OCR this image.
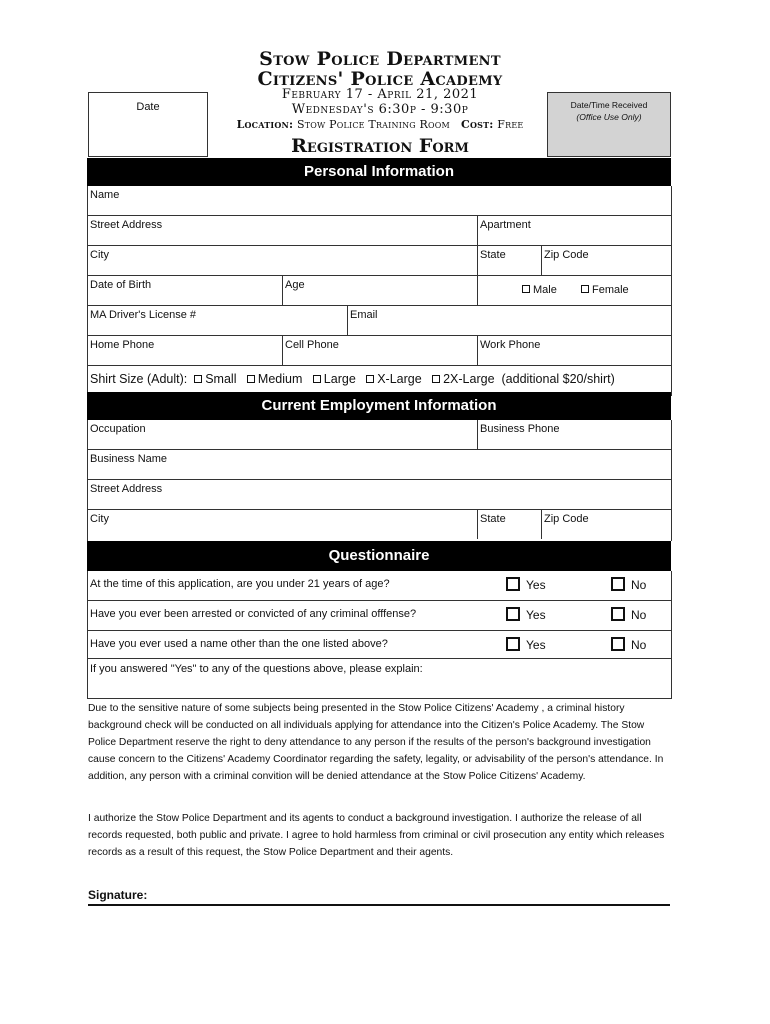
Stow Police Department
Citizens' Police Academy
February 17 - April 21, 2021
Wednesday's 6:30p - 9:30p
Location: Stow Police Training Room Cost: Free
Registration Form
Date	Date/Time Received
(Office Use Only)
Personal Information
Name
Street Address	Apartment
City	State	Zip Code
Date of Birth	Age	Male	Female
MA Driver's License #	Email
Home Phone	Cell Phone	Work Phone
Shirt Size (Adult): Small Medium Large X-Large 2X-Large (additional $20/shirt)
Current Employment Information
Occupation	Business Phone
Business Name
Street Address
City	State	Zip Code
Questionnaire
At the time of this application, are you under 21 years of age?	Yes	No
Have you ever been arrested or convicted of any criminal offfense?	Yes	No
Have you ever used a name other than the one listed above?	Yes	No
If you answered "Yes" to any of the questions above, please explain:
Due to the sensitive nature of some subjects being presented in the Stow Police Citizens' Academy , a criminal history background check will be conducted on all individuals applying for attendance into the Citizen's Police Academy. The Stow Police Department reserve the right to deny attendance to any person if the results of the person's background investigation cause concern to the Citizens' Academy Coordinator regarding the safety, legality, or advisability of the person's attendance. In addition, any person with a criminal convition will be denied attendance at the Stow Police Citizens' Academy.
I authorize the Stow Police Department and its agents to conduct a background investigation. I authorize the release of all records requested, both public and private. I agree to hold harmless from criminal or civil prosecution any entity which releases records as a result of this request, the Stow Police Department and their agents.
Signature:
